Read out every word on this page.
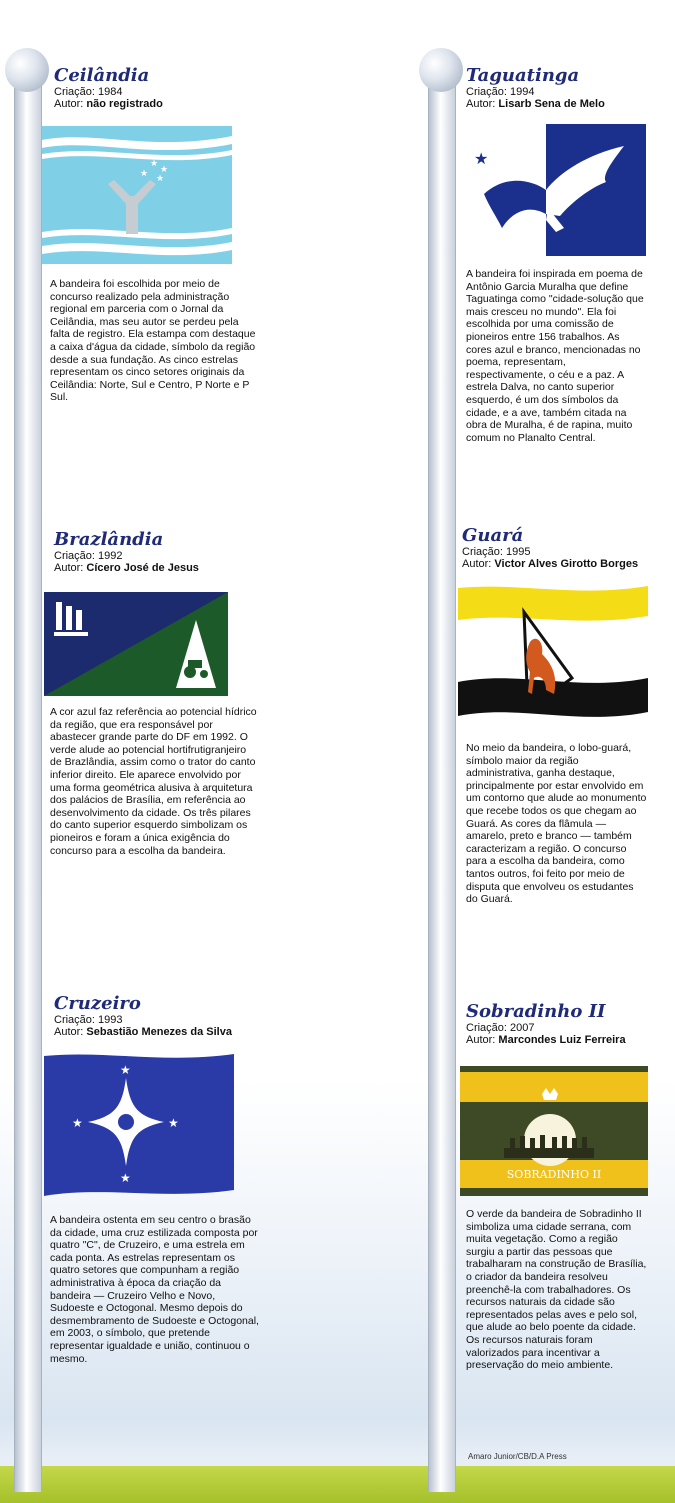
Ceilândia
Criação: 1984
Autor: não registrado
★
★ ★
★
A bandeira foi escolhida por meio de concurso realizado pela administração regional em parceria com o Jornal da Ceilândia, mas seu autor se perdeu pela falta de registro. Ela estampa com destaque a caixa d'água da cidade, símbolo da região desde a sua fundação. As cinco estrelas representam os cinco setores originais da Ceilândia: Norte, Sul e Centro, P Norte e P Sul.
Taguatinga
Criação: 1994
Autor: Lisarb Sena de Melo
★
A bandeira foi inspirada em poema de Antônio Garcia Muralha que define Taguatinga como "cidade-solução que mais cresceu no mundo". Ela foi escolhida por uma comissão de pioneiros entre 156 trabalhos. As cores azul e branco, mencionadas no poema, representam, respectivamente, o céu e a paz. A estrela Dalva, no canto superior esquerdo, é um dos símbolos da cidade, e a ave, também citada na obra de Muralha, é de rapina, muito comum no Planalto Central.
Brazlândia
Criação: 1992
Autor: Cícero José de Jesus
A cor azul faz referência ao potencial hídrico da região, que era responsável por abastecer grande parte do DF em 1992. O verde alude ao potencial hortifrutigranjeiro de Brazlândia, assim como o trator do canto inferior direito. Ele aparece envolvido por uma forma geométrica alusiva à arquitetura dos palácios de Brasília, em referência ao desenvolvimento da cidade. Os três pilares do canto superior esquerdo simbolizam os pioneiros e foram a única exigência do concurso para a escolha da bandeira.
Guará
Criação: 1995
Autor: Victor Alves Girotto Borges
No meio da bandeira, o lobo-guará, símbolo maior da região administrativa, ganha destaque, principalmente por estar envolvido em um contorno que alude ao monumento que recebe todos os que chegam ao Guará. As cores da flâmula — amarelo, preto e branco — também caracterizam a região. O concurso para a escolha da bandeira, como tantos outros, foi feito por meio de disputa que envolveu os estudantes do Guará.
Cruzeiro
Criação: 1993
Autor: Sebastião Menezes da Silva
★
★
★	★
A bandeira ostenta em seu centro o brasão da cidade, uma cruz estilizada composta por quatro "C", de Cruzeiro, e uma estrela em cada ponta. As estrelas representam os quatro setores que compunham a região administrativa à época da criação da bandeira — Cruzeiro Velho e Novo, Sudoeste e Octogonal. Mesmo depois do desmembramento de Sudoeste e Octogonal, em 2003, o símbolo, que pretende representar igualdade e união, continuou o mesmo.
Sobradinho II
Criação: 2007
Autor: Marcondes Luiz Ferreira
SOBRADINHO II
O verde da bandeira de Sobradinho II simboliza uma cidade serrana, com muita vegetação. Como a região surgiu a partir das pessoas que trabalharam na construção de Brasília, o criador da bandeira resolveu preenchê-la com trabalhadores. Os recursos naturais da cidade são representados pelas aves e pelo sol, que alude ao belo poente da cidade. Os recursos naturais foram valorizados para incentivar a preservação do meio ambiente.
Amaro Junior/CB/D.A Press
